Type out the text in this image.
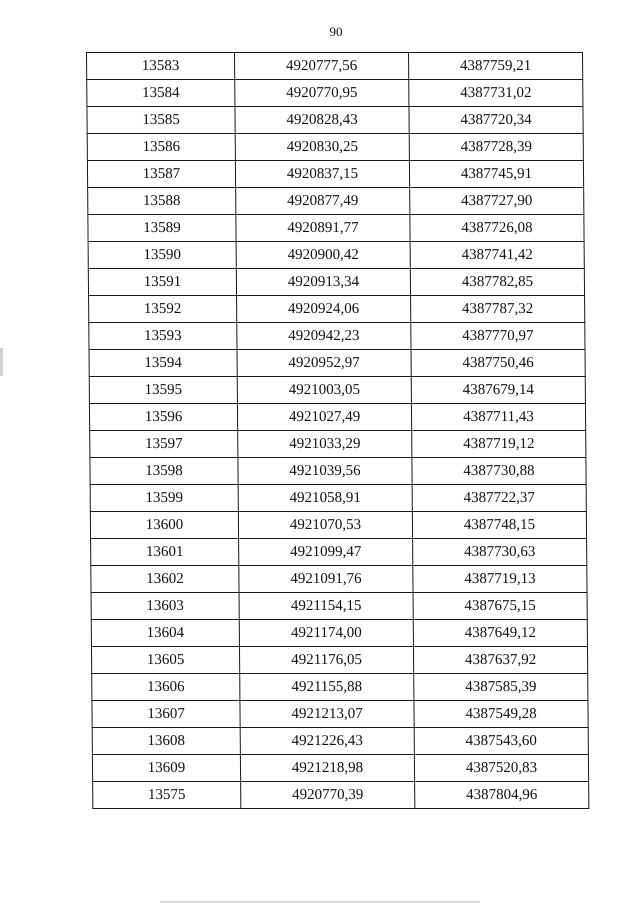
90
13583	4920777,56	4387759,21
13584	4920770,95	4387731,02
13585	4920828,43	4387720,34
13586	4920830,25	4387728,39
13587	4920837,15	4387745,91
13588	4920877,49	4387727,90
13589	4920891,77	4387726,08
13590	4920900,42	4387741,42
13591	4920913,34	4387782,85
13592	4920924,06	4387787,32
13593	4920942,23	4387770,97
13594	4920952,97	4387750,46
13595	4921003,05	4387679,14
13596	4921027,49	4387711,43
13597	4921033,29	4387719,12
13598	4921039,56	4387730,88
13599	4921058,91	4387722,37
13600	4921070,53	4387748,15
13601	4921099,47	4387730,63
13602	4921091,76	4387719,13
13603	4921154,15	4387675,15
13604	4921174,00	4387649,12
13605	4921176,05	4387637,92
13606	4921155,88	4387585,39
13607	4921213,07	4387549,28
13608	4921226,43	4387543,60
13609	4921218,98	4387520,83
13575	4920770,39	4387804,96
